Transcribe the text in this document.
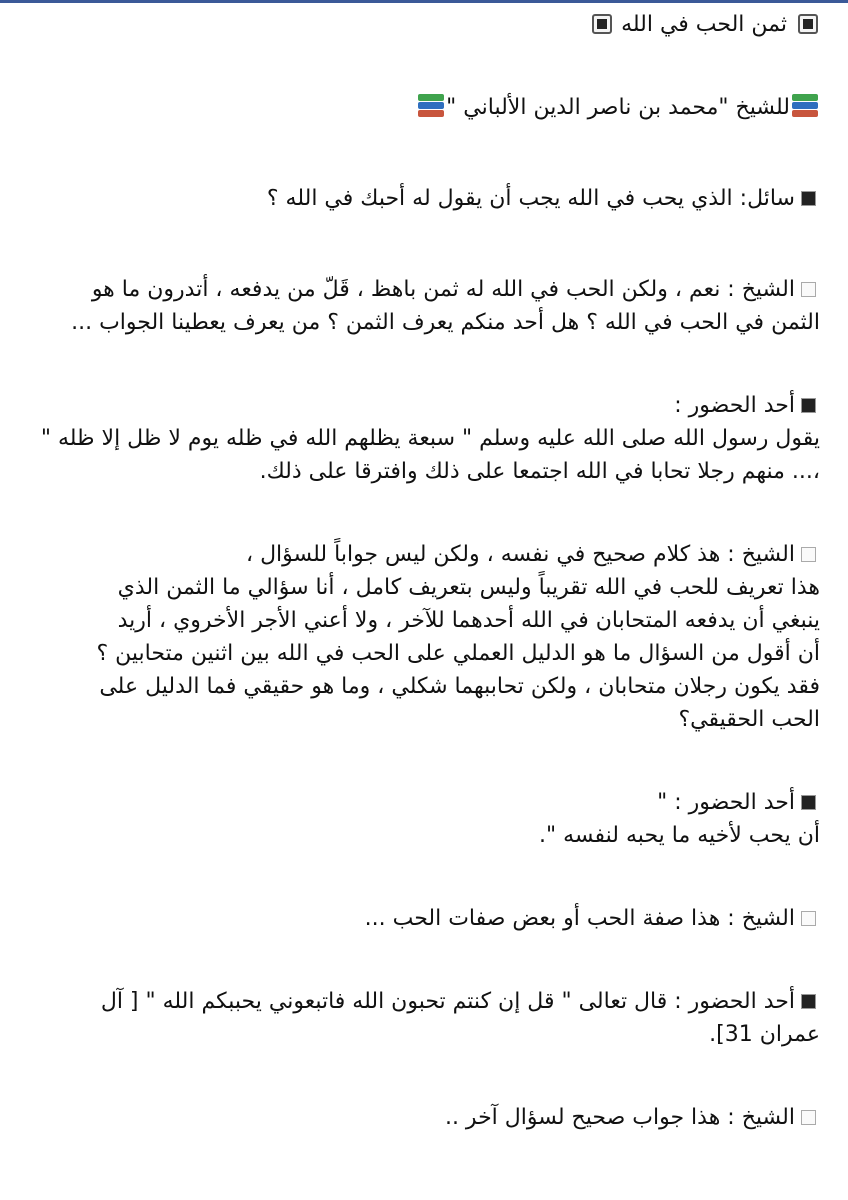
ثمن الحب في الله
للشيخ "محمد بن ناصر الدين الألباني "
سائل: الذي يحب في الله يجب أن يقول له أحبك في الله ؟
الشيخ : نعم ، ولكن الحب في الله له ثمن باهظ ، قَلّ من يدفعه ، أتدرون ما هو
الثمن في الحب في الله ؟ هل أحد منكم يعرف الثمن ؟ من يعرف يعطينا الجواب ...
أحد الحضور :
يقول رسول الله صلى الله عليه وسلم " سبعة يظلهم الله في ظله يوم لا ظل إلا ظله "
،... منهم رجلا تحابا في الله اجتمعا على ذلك وافترقا على ذلك.
الشيخ : هذ كلام صحيح في نفسه ، ولكن ليس جواباً للسؤال ،
هذا تعريف للحب في الله تقريباً وليس بتعريف كامل ، أنا سؤالي ما الثمن الذي
ينبغي أن يدفعه المتحابان في الله أحدهما للآخر ، ولا أعني الأجر الأخروي ، أريد
أن أقول من السؤال ما هو الدليل العملي على الحب في الله بين اثنين متحابين ؟
فقد يكون رجلان متحابان ، ولكن تحاببهما شكلي ، وما هو حقيقي فما الدليل على
الحب الحقيقي؟
أحد الحضور : "
أن يحب لأخيه ما يحبه لنفسه ".
الشيخ : هذا صفة الحب أو بعض صفات الحب ...
أحد الحضور : قال تعالى " قل إن كنتم تحبون الله فاتبعوني يحببكم الله " [ آل
عمران 31].
الشيخ : هذا جواب صحيح لسؤال آخر ..
